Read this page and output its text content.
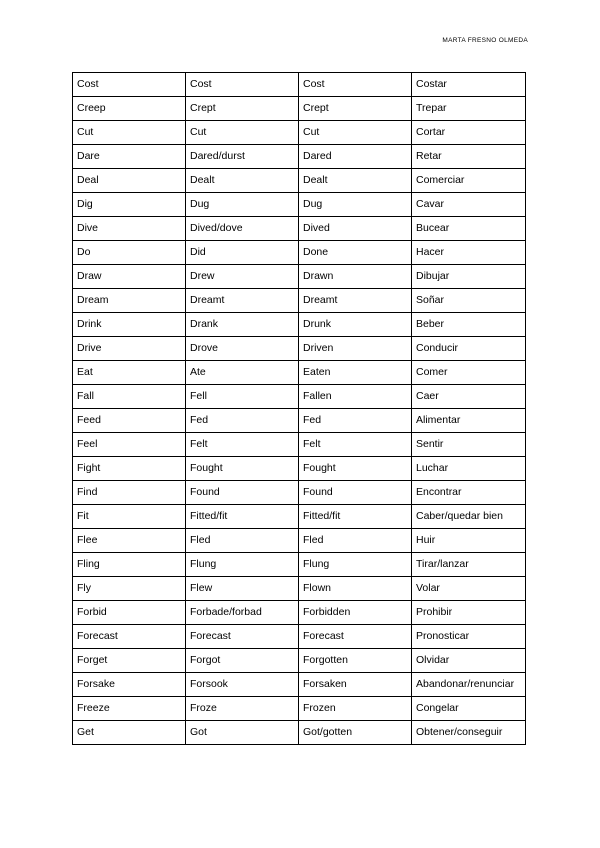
MARTA FRESNO OLMEDA
Cost	Cost	Cost	Costar
Creep	Crept	Crept	Trepar
Cut	Cut	Cut	Cortar
Dare	Dared/durst	Dared	Retar
Deal	Dealt	Dealt	Comerciar
Dig	Dug	Dug	Cavar
Dive	Dived/dove	Dived	Bucear
Do	Did	Done	Hacer
Draw	Drew	Drawn	Dibujar
Dream	Dreamt	Dreamt	Soñar
Drink	Drank	Drunk	Beber
Drive	Drove	Driven	Conducir
Eat	Ate	Eaten	Comer
Fall	Fell	Fallen	Caer
Feed	Fed	Fed	Alimentar
Feel	Felt	Felt	Sentir
Fight	Fought	Fought	Luchar
Find	Found	Found	Encontrar
Fit	Fitted/fit	Fitted/fit	Caber/quedar bien
Flee	Fled	Fled	Huir
Fling	Flung	Flung	Tirar/lanzar
Fly	Flew	Flown	Volar
Forbid	Forbade/forbad	Forbidden	Prohibir
Forecast	Forecast	Forecast	Pronosticar
Forget	Forgot	Forgotten	Olvidar
Forsake	Forsook	Forsaken	Abandonar/renunciar
Freeze	Froze	Frozen	Congelar
Get	Got	Got/gotten	Obtener/conseguir
